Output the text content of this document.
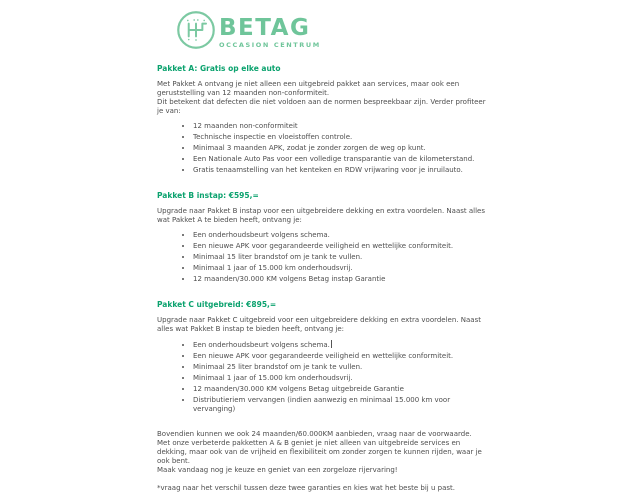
BETAG
OCCASION CENTRUM
Pakket A: Gratis op elke auto

Met Pakket A ontvang je niet alleen een uitgebreid pakket aan services, maar ook een geruststelling van 12 maanden non-conformiteit.

Dit betekent dat defecten die niet voldoen aan de normen bespreekbaar zijn. Verder profiteer je van:

• 12 maanden non-conformiteit
• Technische inspectie en vloeistoffen controle.
• Minimaal 3 maanden APK, zodat je zonder zorgen de weg op kunt.
• Een Nationale Auto Pas voor een volledige transparantie van de kilometerstand.
• Gratis tenaamstelling van het kenteken en RDW vrijwaring voor je inruilauto.
Pakket B instap: €595,=

Upgrade naar Pakket B instap voor een uitgebreidere dekking en extra voordelen. Naast alles wat Pakket A te bieden heeft, ontvang je:

• Een onderhoudsbeurt volgens schema.
• Een nieuwe APK voor gegarandeerde veiligheid en wettelijke conformiteit.
• Minimaal 15 liter brandstof om je tank te vullen.
• Minimaal 1 jaar of 15.000 km onderhoudsvrij.
• 12 maanden/30.000 KM volgens Betag instap Garantie
Pakket C uitgebreid: €895,=

Upgrade naar Pakket C uitgebreid voor een uitgebreidere dekking en extra voordelen. Naast alles wat Pakket B instap te bieden heeft, ontvang je:

• Een onderhoudsbeurt volgens schema.
• Een nieuwe APK voor gegarandeerde veiligheid en wettelijke conformiteit.
• Minimaal 25 liter brandstof om je tank te vullen.
• Minimaal 1 jaar of 15.000 km onderhoudsvrij.
• 12 maanden/30.000 KM volgens Betag uitgebreide Garantie
• Distributieriem vervangen (indien aanwezig en minimaal 15.000 km voor vervanging)

Bovendien kunnen we ook 24 maanden/60.000KM aanbieden, vraag naar de voorwaarde.

Met onze verbeterde pakketten A & B geniet je niet alleen van uitgebreide services en dekking, maar ook van de vrijheid en flexibiliteit om zonder zorgen te kunnen rijden, waar je ook bent.

Maak vandaag nog je keuze en geniet van een zorgeloze rijervaring!

*vraag naar het verschil tussen deze twee garanties en kies wat het beste bij u past.
